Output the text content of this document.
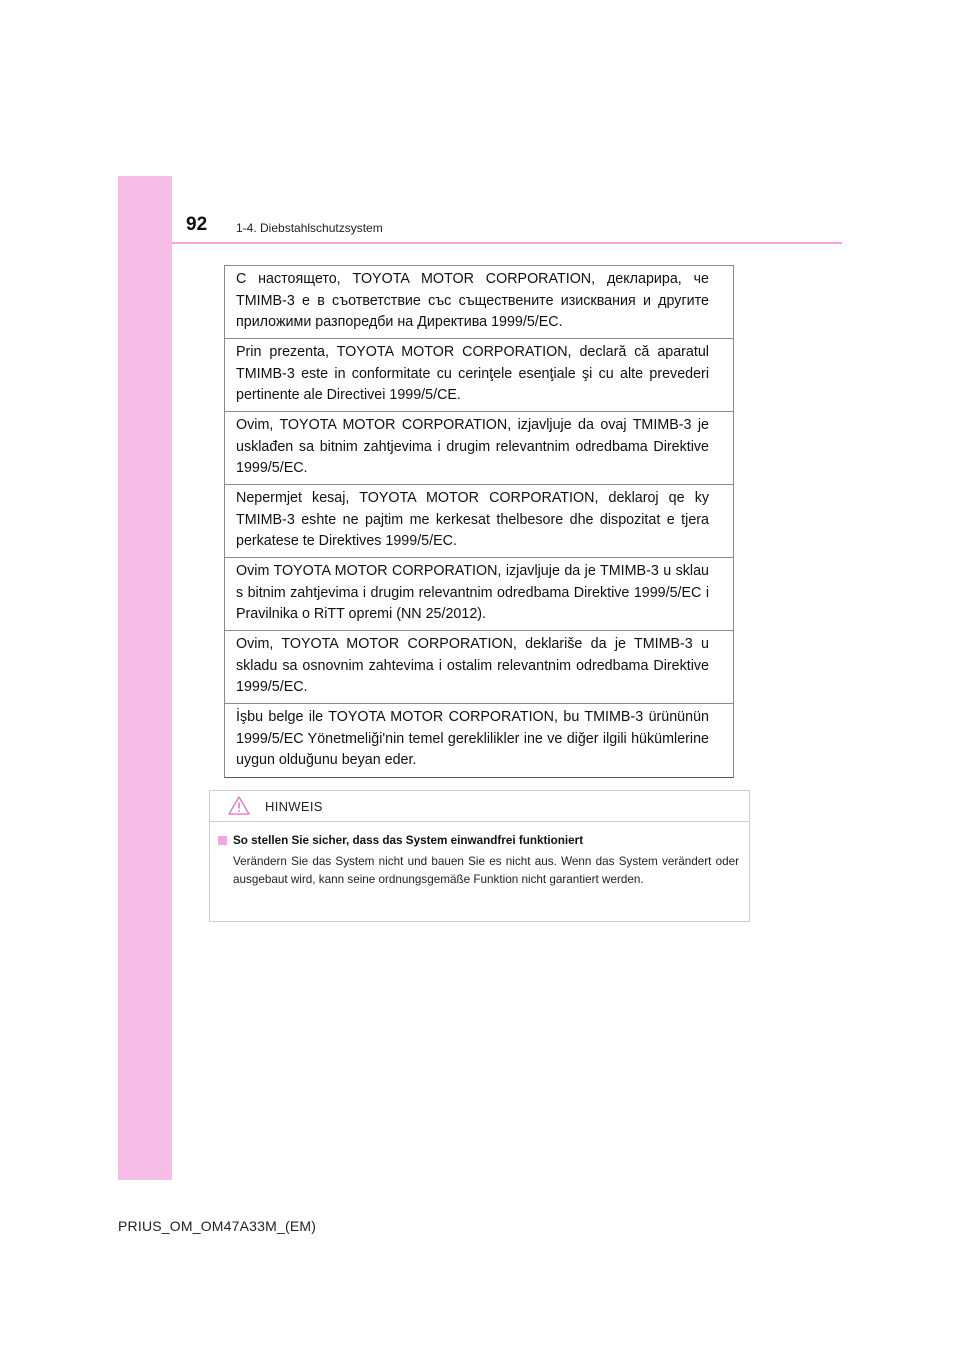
92 1-4. Diebstahlschutzsystem
С настоящето, TOYOTA MOTOR CORPORATION, декларира, че TMIMB-3 е в съответствие със съществените изисквания и другите приложими разпоредби на Директива 1999/5/EC.
Prin prezenta, TOYOTA MOTOR CORPORATION, declară că aparatul TMIMB-3 este in conformitate cu cerinţele esenţiale şi cu alte prevederi pertinente ale Directivei 1999/5/CE.
Ovim, TOYOTA MOTOR CORPORATION, izjavljuje da ovaj TMIMB-3 je usklađen sa bitnim zahtjevima i drugim relevantnim odredbama Direktive 1999/5/EC.
Nepermjet kesaj, TOYOTA MOTOR CORPORATION, deklaroj qe ky TMIMB-3 eshte ne pajtim me kerkesat thelbesore dhe dispozitat e tjera perkatese te Direktives 1999/5/EC.
Ovim TOYOTA MOTOR CORPORATION, izjavljuje da je TMIMB-3 u sklau s bitnim zahtjevima i drugim relevantnim odredbama Direktive 1999/5/EC i Pravilnika o RiTT opremi (NN 25/2012).
Ovim, TOYOTA MOTOR CORPORATION, deklariše da je TMIMB-3 u skladu sa osnovnim zahtevima i ostalim relevantnim odredbama Direktive 1999/5/EC.
İşbu belge ile TOYOTA MOTOR CORPORATION, bu TMIMB-3 ürününün 1999/5/EC Yönetmeliği'nin temel gereklilikler ine ve diğer ilgili hükümlerine uygun olduğunu beyan eder.
HINWEIS
So stellen Sie sicher, dass das System einwandfrei funktioniert
Verändern Sie das System nicht und bauen Sie es nicht aus. Wenn das System verändert oder ausgebaut wird, kann seine ordnungsgemäße Funktion nicht garantiert werden.
PRIUS_OM_OM47A33M_(EM)
